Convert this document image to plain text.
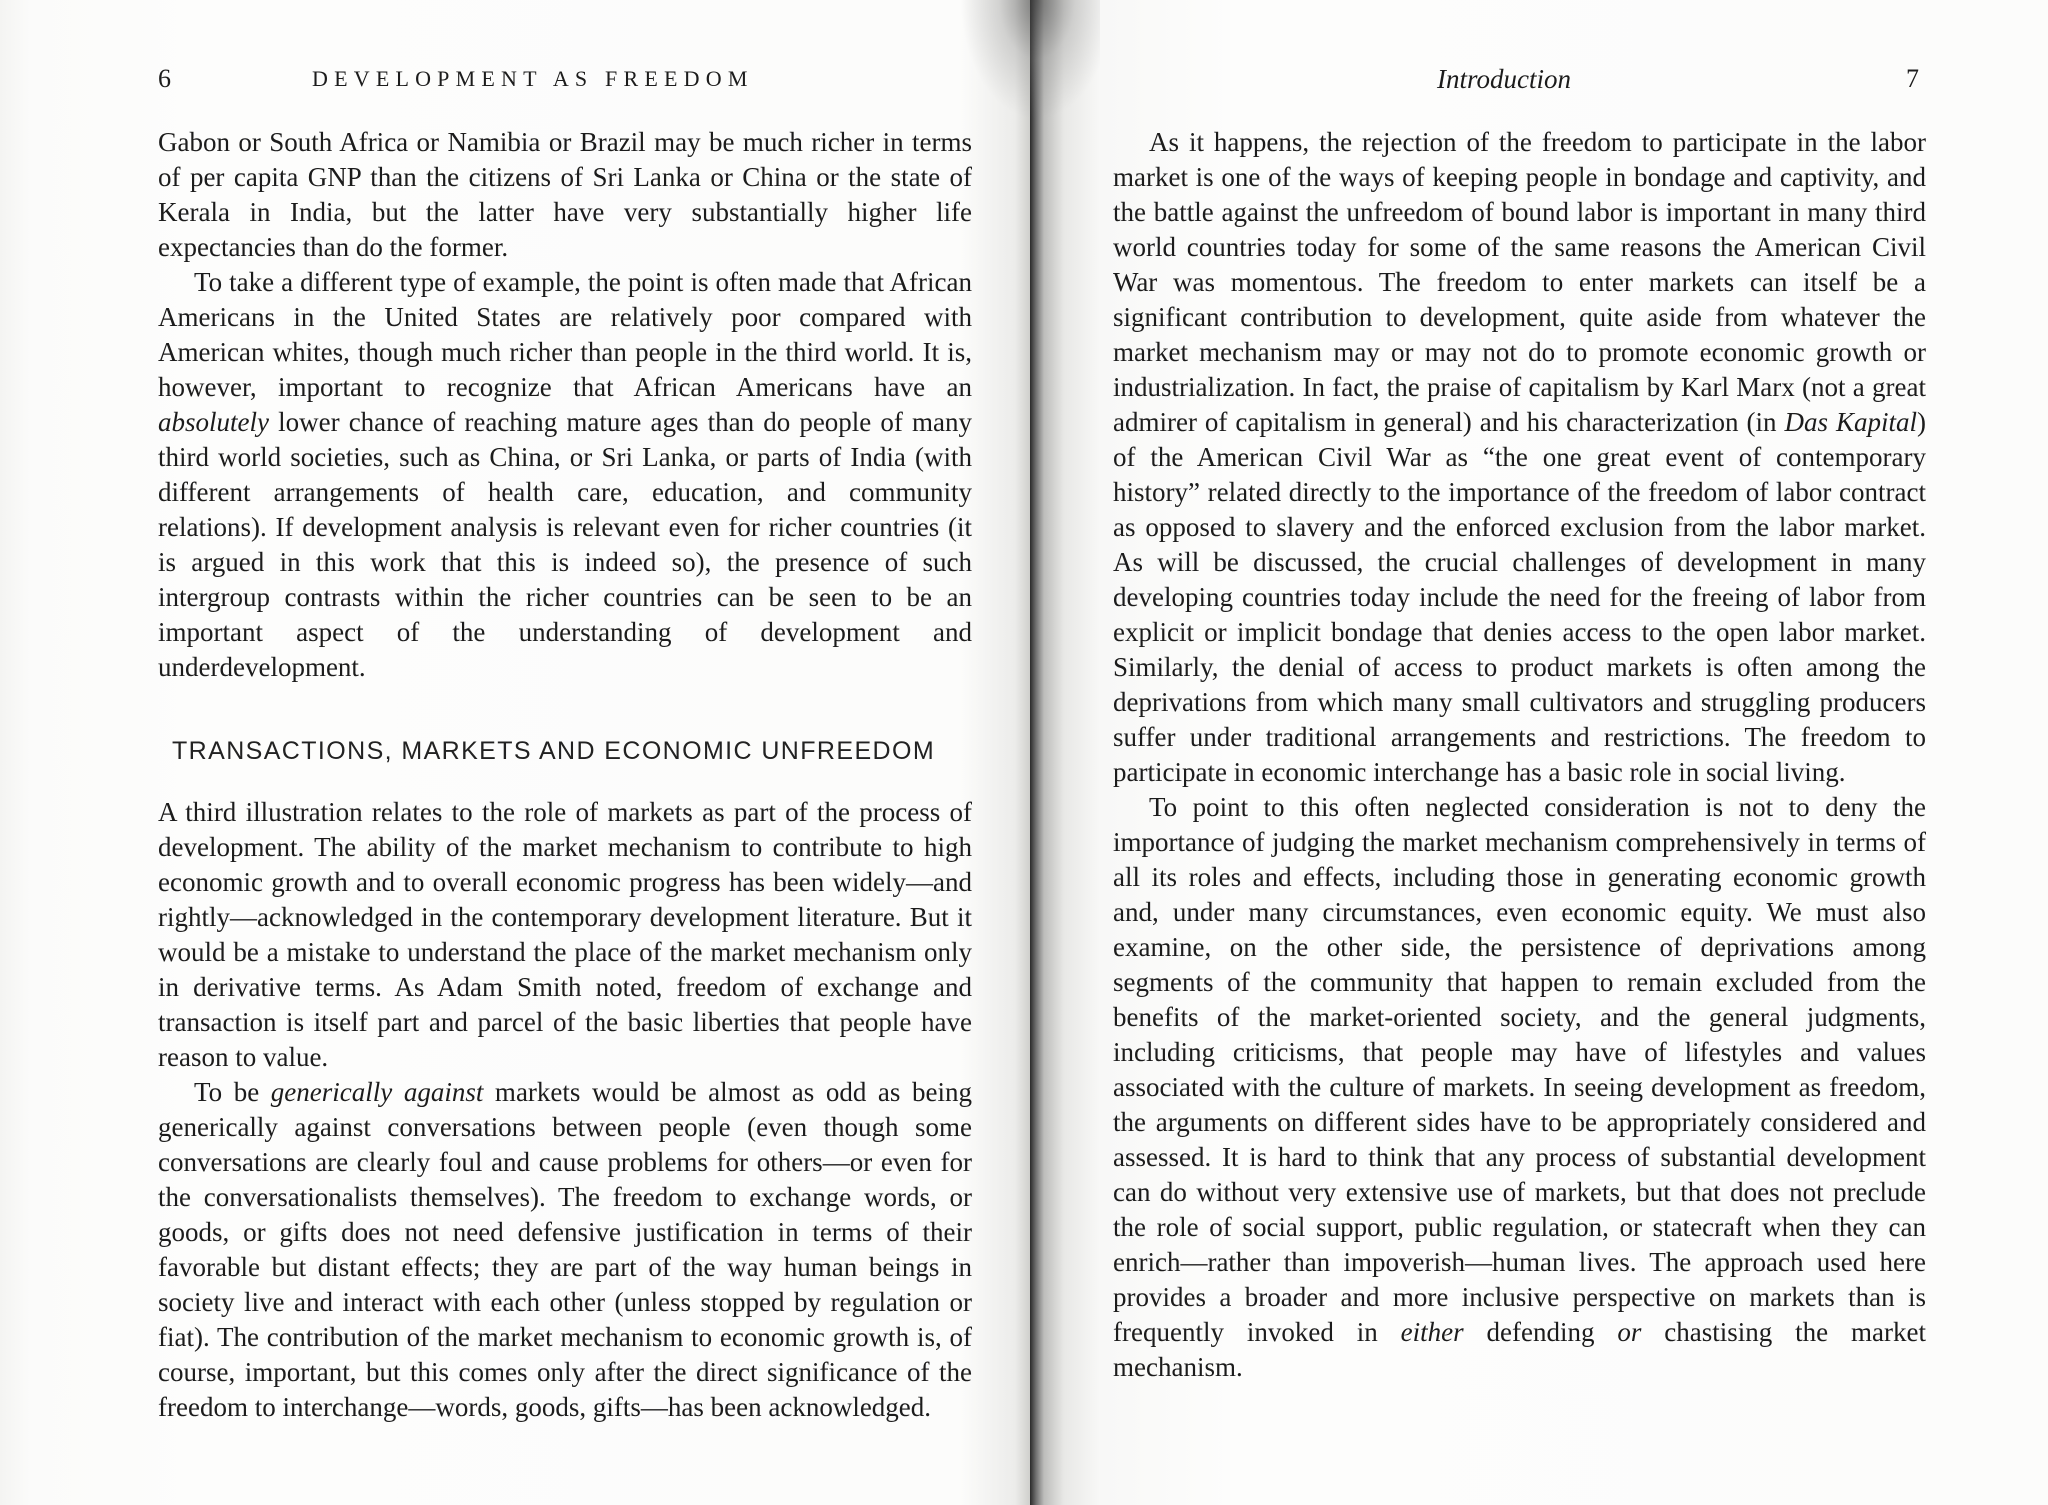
6	DEVELOPMENT AS FREEDOM

Gabon or South Africa or Namibia or Brazil may be much richer in terms of per capita GNP than the citizens of Sri Lanka or China or the state of Kerala in India, but the latter have very substantially higher life expectancies than do the former.

To take a different type of example, the point is often made that African Americans in the United States are relatively poor compared with American whites, though much richer than people in the third world. It is, however, important to recognize that African Americans have an absolutely lower chance of reaching mature ages than do people of many third world societies, such as China, or Sri Lanka, or parts of India (with different arrangements of health care, education, and community relations). If development analysis is relevant even for richer countries (it is argued in this work that this is indeed so), the presence of such intergroup contrasts within the richer countries can be seen to be an important aspect of the understanding of development and underdevelopment.

TRANSACTIONS, MARKETS AND ECONOMIC UNFREEDOM

A third illustration relates to the role of markets as part of the process of development. The ability of the market mechanism to contribute to high economic growth and to overall economic progress has been widely—and rightly—acknowledged in the contemporary development literature. But it would be a mistake to understand the place of the market mechanism only in derivative terms. As Adam Smith noted, freedom of exchange and transaction is itself part and parcel of the basic liberties that people have reason to value.

To be generically against markets would be almost as odd as being generically against conversations between people (even though some conversations are clearly foul and cause problems for others—or even for the conversationalists themselves). The freedom to exchange words, or goods, or gifts does not need defensive justification in terms of their favorable but distant effects; they are part of the way human beings in society live and interact with each other (unless stopped by regulation or fiat). The contribution of the market mechanism to economic growth is, of course, important, but this comes only after the direct significance of the freedom to interchange—words, goods, gifts—has been acknowledged.

Introduction	7

As it happens, the rejection of the freedom to participate in the labor market is one of the ways of keeping people in bondage and captivity, and the battle against the unfreedom of bound labor is important in many third world countries today for some of the same reasons the American Civil War was momentous. The freedom to enter markets can itself be a significant contribution to development, quite aside from whatever the market mechanism may or may not do to promote economic growth or industrialization. In fact, the praise of capitalism by Karl Marx (not a great admirer of capitalism in general) and his characterization (in Das Kapital) of the American Civil War as “the one great event of contemporary history” related directly to the importance of the freedom of labor contract as opposed to slavery and the enforced exclusion from the labor market. As will be discussed, the crucial challenges of development in many developing countries today include the need for the freeing of labor from explicit or implicit bondage that denies access to the open labor market. Similarly, the denial of access to product markets is often among the deprivations from which many small cultivators and struggling producers suffer under traditional arrangements and restrictions. The freedom to participate in economic interchange has a basic role in social living.

To point to this often neglected consideration is not to deny the importance of judging the market mechanism comprehensively in terms of all its roles and effects, including those in generating economic growth and, under many circumstances, even economic equity. We must also examine, on the other side, the persistence of deprivations among segments of the community that happen to remain excluded from the benefits of the market-oriented society, and the general judgments, including criticisms, that people may have of lifestyles and values associated with the culture of markets. In seeing development as freedom, the arguments on different sides have to be appropriately considered and assessed. It is hard to think that any process of substantial development can do without very extensive use of markets, but that does not preclude the role of social support, public regulation, or statecraft when they can enrich—rather than impoverish—human lives. The approach used here provides a broader and more inclusive perspective on markets than is frequently invoked in either defending or chastising the market mechanism.
